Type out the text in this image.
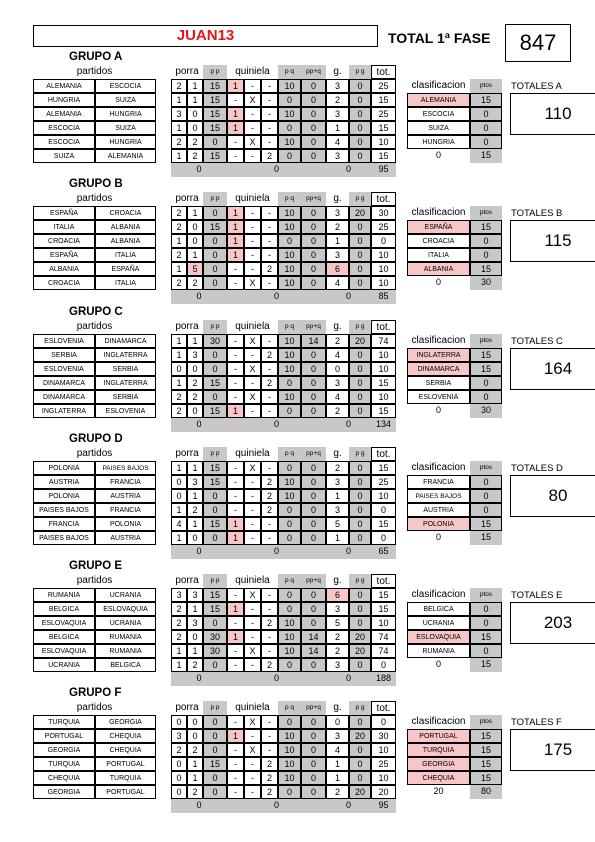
JUAN13	TOTAL 1ª FASE	847
GRUPO A
partidos	porra	p p	quiniela	p q	pp+q	g.	p g	tot.
ALEMANIA	ESCOCIA	2	1	15	1	-	-	10	0	3	0	25
HUNGRIA	SUIZA	1	1	15	-	X	-	0	0	2	0	15
ALEMANIA	HUNGRIA	3	0	15	1	-	-	10	0	3	0	25
ESCOCIA	SUIZA	1	0	15	1	-	-	0	0	1	0	15
ESCOCIA	HUNGRIA	2	2	0	-	X	-	10	0	4	0	10
SUIZA	ALEMANIA	1	2	15	-	-	2	0	0	3	0	15
clasificacion	ptos
ALEMANIA	15
ESCOCIA	0
SUIZA	0
HUNGRIA	0
0	15
0	0	0	95
TOTALES A
110
GRUPO B
partidos	porra	p p	quiniela	p q	pp+q	g.	p g	tot.
ESPAÑA	CROACIA	2	1	0	1	-	-	10	0	3	20	30
ITALIA	ALBANIA	2	0	15	1	-	-	10	0	2	0	25
CROACIA	ALBANIA	1	0	0	1	-	-	0	0	1	0	0
ESPAÑA	ITALIA	2	1	0	1	-	-	10	0	3	0	10
ALBANIA	ESPAÑA	1	5	0	-	-	2	10	0	6	0	10
CROACIA	ITALIA	2	2	0	-	X	-	10	0	4	0	10
clasificacion	ptos
ESPAÑA	15
CROACIA	0
ITALIA	0
ALBANIA	15
0	30
0	0	0	85
TOTALES B
115
GRUPO C
partidos	porra	p p	quiniela	p q	pp+q	g.	p g	tot.
ESLOVENIA	DINAMARCA	1	1	30	-	X	-	10	14	2	20	74
SERBIA	INGLATERRA	1	3	0	-	-	2	10	0	4	0	10
ESLOVENIA	SERBIA	0	0	0	-	X	-	10	0	0	0	10
DINAMARCA	INGLATERRA	1	2	15	-	-	2	0	0	3	0	15
DINAMARCA	SERBIA	2	2	0	-	X	-	10	0	4	0	10
INGLATERRA	ESLOVENIA	2	0	15	1	-	-	0	0	2	0	15
clasificacion	ptos
INGLATERRA	15
DINAMARCA	15
SERBIA	0
ESLOVENIA	0
0	30
0	0	0	134
TOTALES C
164
GRUPO D
partidos	porra	p p	quiniela	p q	pp+q	g.	p g	tot.
POLONIA	PAISES BAJOS	1	1	15	-	X	-	0	0	2	0	15
AUSTRIA	FRANCIA	0	3	15	-	-	2	10	0	3	0	25
POLONIA	AUSTRIA	0	1	0	-	-	2	10	0	1	0	10
PAISES BAJOS	FRANCIA	1	2	0	-	-	2	0	0	3	0	0
FRANCIA	POLONIA	4	1	15	1	-	-	0	0	5	0	15
PAISES BAJOS	AUSTRIA	1	0	0	1	-	-	0	0	1	0	0
clasificacion	ptos
FRANCIA	0
PAISES BAJOS	0
AUSTRIA	0
POLONIA	15
0	15
0	0	0	65
TOTALES D
80
GRUPO E
partidos	porra	p p	quiniela	p q	pp+q	g.	p g	tot.
RUMANIA	UCRANIA	3	3	15	-	X	-	0	0	6	0	15
BELGICA	ESLOVAQUIA	2	1	15	1	-	-	0	0	3	0	15
ESLOVAQUIA	UCRANIA	2	3	0	-	-	2	10	0	5	0	10
BELGICA	RUMANIA	2	0	30	1	-	-	10	14	2	20	74
ESLOVAQUIA	RUMANIA	1	1	30	-	X	-	10	14	2	20	74
UCRANIA	BELGICA	1	2	0	-	-	2	0	0	3	0	0
clasificacion	ptos
BELGICA	0
UCRANIA	0
ESLOVAQUIA	15
RUMANIA	0
0	15
0	0	0	188
TOTALES E
203
GRUPO F
partidos	porra	p p	quiniela	p q	pp+q	g.	p g	tot.
TURQUIA	GEORGIA	0	0	0	-	X	-	0	0	0	0	0
PORTUGAL	CHEQUIA	3	0	0	1	-	-	10	0	3	20	30
GEORGIA	CHEQUIA	2	2	0	-	X	-	10	0	4	0	10
TURQUIA	PORTUGAL	0	1	15	-	-	2	10	0	1	0	25
CHEQUIA	TURQUIA	0	1	0	-	-	2	10	0	1	0	10
GEORGIA	PORTUGAL	0	2	0	-	-	2	0	0	2	20	20
clasificacion	ptos
PORTUGAL	15
TURQUIA	15
GEORGIA	15
CHEQUIA	15
20	80
0	0	0	95
TOTALES F
175
